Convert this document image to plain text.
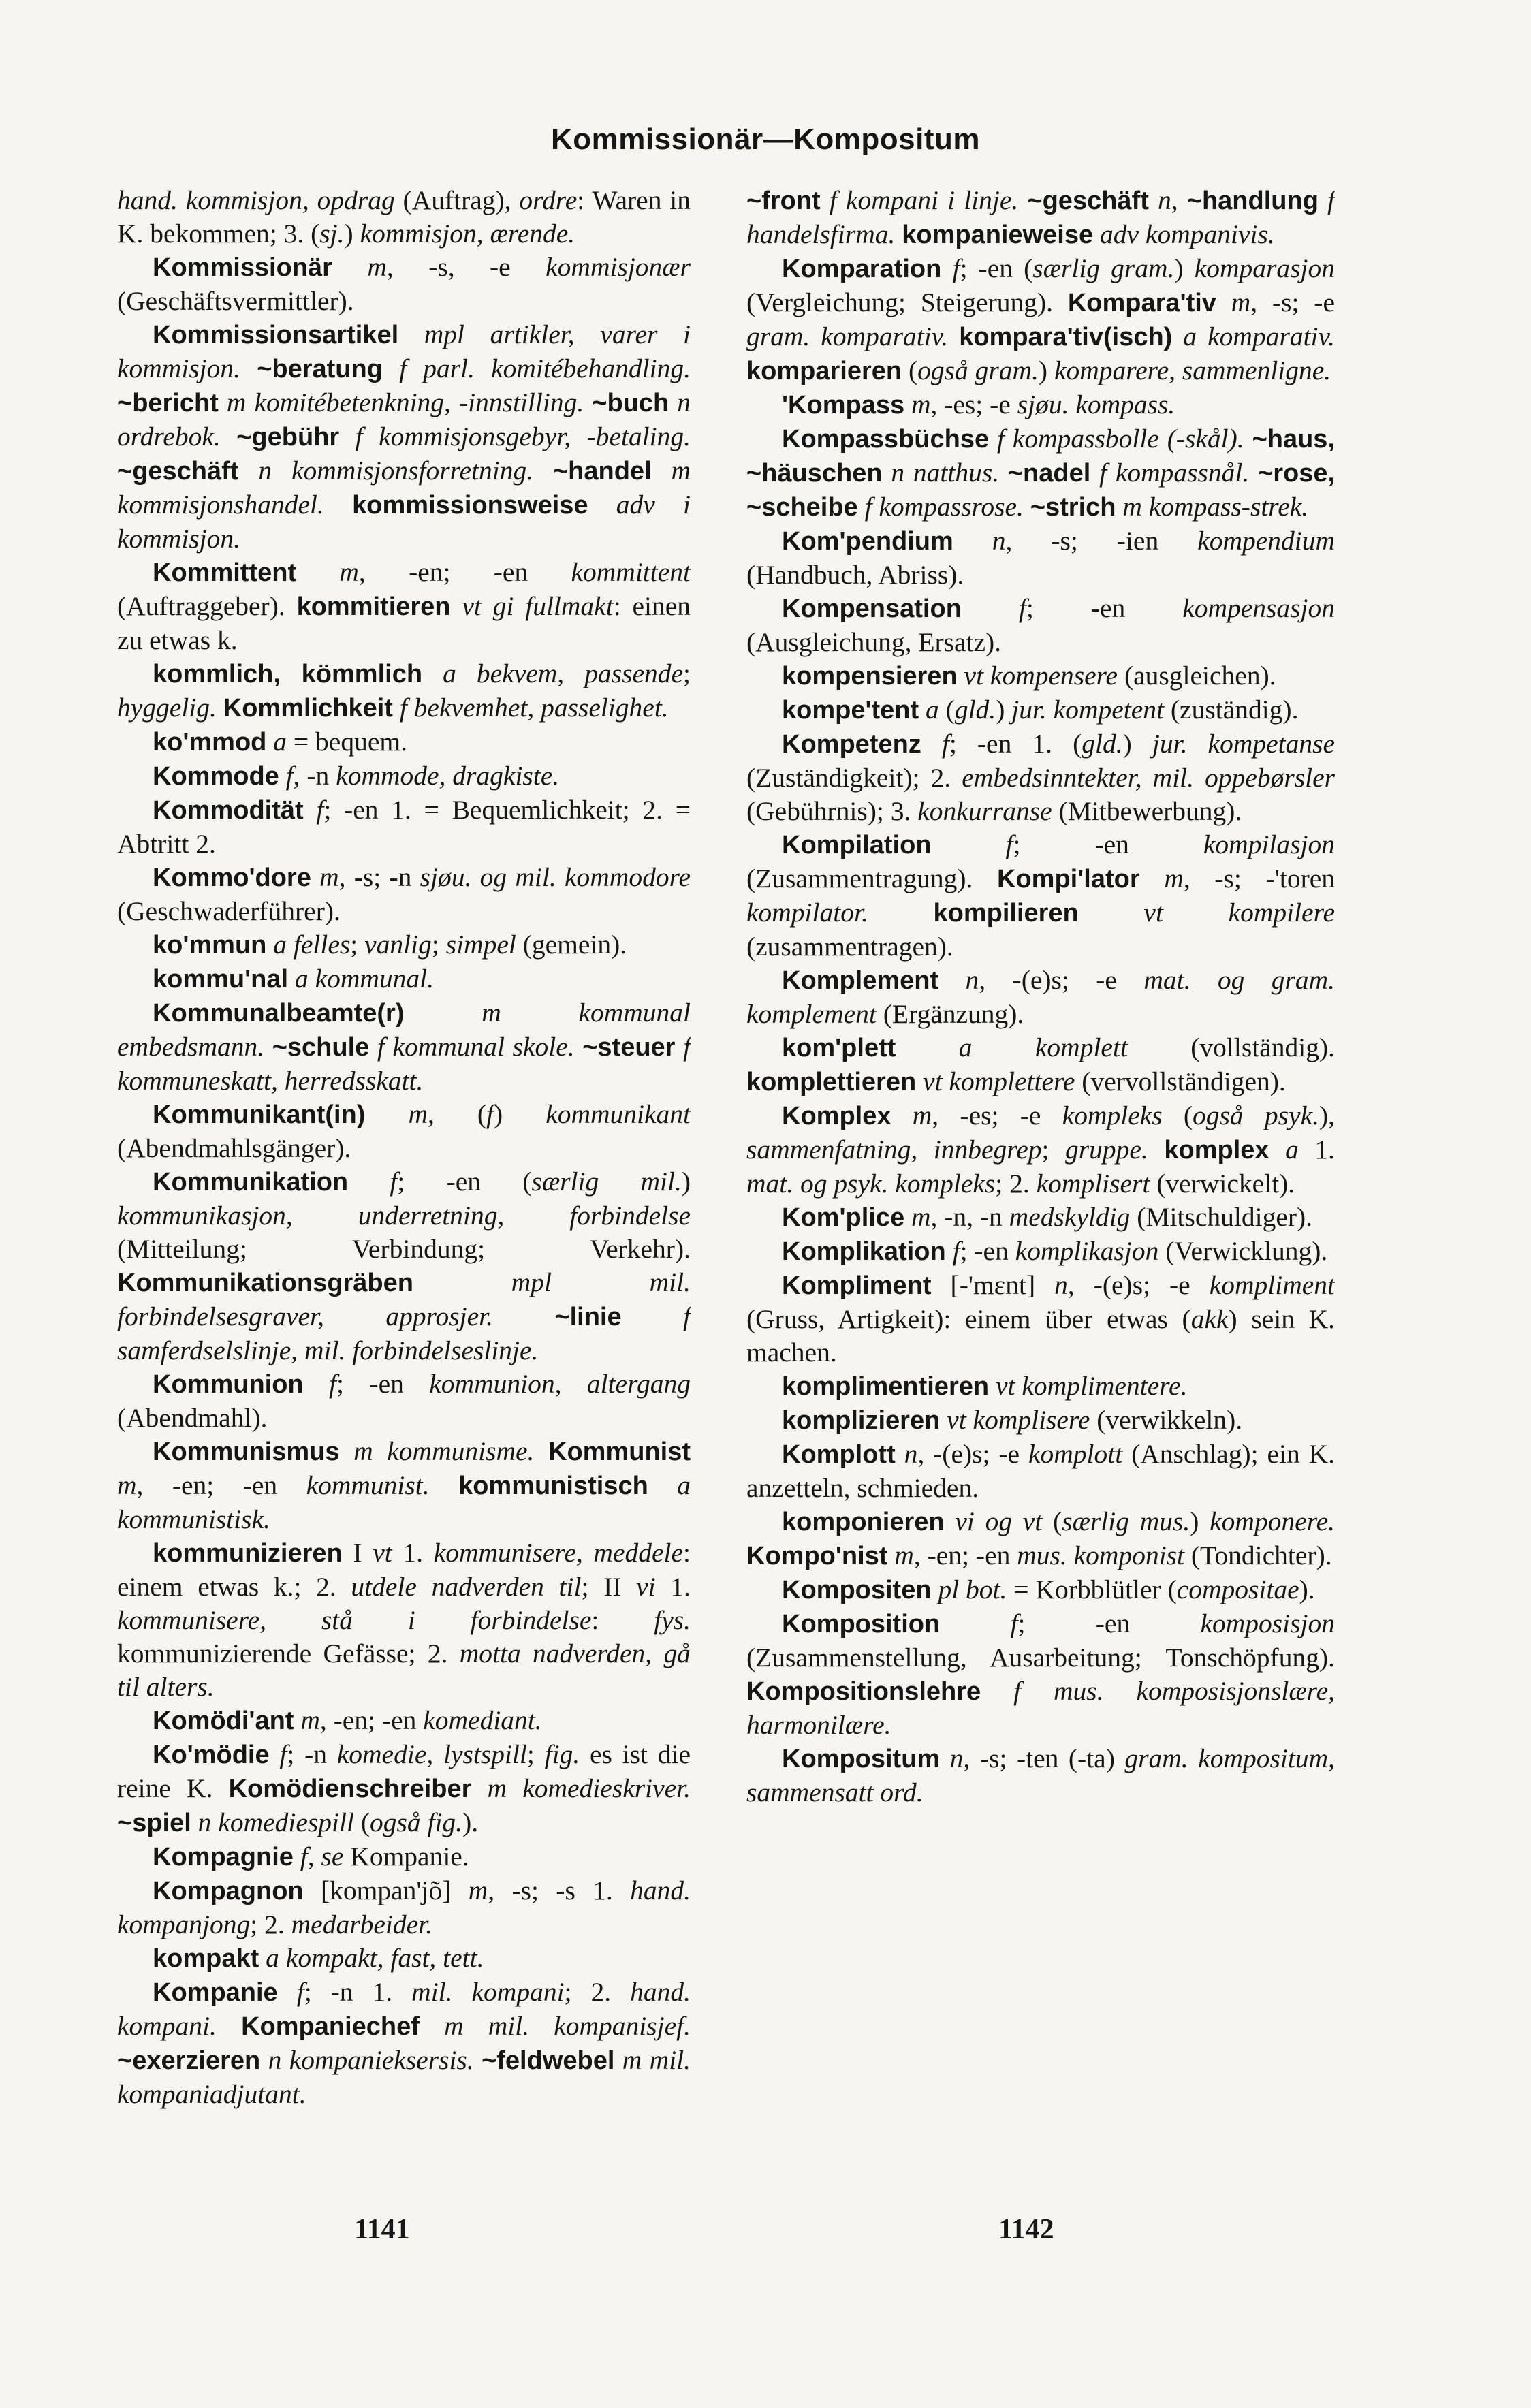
Kommissionär—Kompositum

hand. kommisjon, opdrag (Auftrag), ordre: Waren in K. bekommen; 3. (sj.) kommisjon, ærende.

Kommissionär m, -s, -e kommisjonær (Geschäftsvermittler).

Kommissionsartikel mpl artikler, varer i kommisjon. ~beratung f parl. komitébehandling. ~bericht m komitébetenkning, -innstilling. ~buch n ordrebok. ~gebühr f kommisjonsgebyr, -betaling. ~geschäft n kommisjonsforretning. ~handel m kommisjonshandel. kommissionsweise adv i kommisjon.

Kommittent m, -en; -en kommittent (Auftraggeber). kommitieren vt gi fullmakt: einen zu etwas k.

kommlich, kömmlich a bekvem, passende; hyggelig. Kommlichkeit f bekvemhet, passelighet.

ko'mmod a = bequem.

Kommode f, -n kommode, dragkiste.

Kommodität f; -en 1. = Bequemlichkeit; 2. = Abtritt 2.

Kommo'dore m, -s; -n sjøu. og mil. kommodore (Geschwaderführer).

ko'mmun a felles; vanlig; simpel (gemein).

kommu'nal a kommunal.

Kommunalbeamte(r)	m kommunal embedsmann. ~schule f kommunal skole. ~steuer f kommuneskatt, herredsskatt.

Kommunikant(in) m, (f) kommunikant (Abendmahlsgänger).

Kommunikation f; -en (særlig mil.) kommunikasjon, underretning, forbindelse (Mitteilung; Verbindung; Verkehr). Kommunikationsgräben	mpl mil. forbindelsesgraver, approsjer. ~linie f samferdselslinje, mil. forbindelseslinje.

Kommunion f; -en kommunion, altergang (Abendmahl).

Kommunismus m kommunisme. Kommunist m, -en; -en kommunist. kommunistisch a kommunistisk.

kommunizieren I vt 1. kommunisere, meddele: einem etwas k.; 2. utdele nadverden til; II vi 1. kommunisere, stå i forbindelse: fys. kommunizierende Gefässe; 2. motta nadverden, gå til alters.

Komödi'ant m, -en; -en komediant.

Ko'mödie f; -n komedie, lystspill; fig. es ist die reine K. Komödienschreiber m komedieskriver. ~spiel n komediespill (også fig.).

Kompagnie f, se Kompanie.

Kompagnon [kompan'jõ] m, -s; -s 1. hand. kompanjong; 2. medarbeider.

kompakt a kompakt, fast, tett.

Kompanie f; -n 1. mil. kompani; 2. hand. kompani. Kompaniechef m mil. kompanisjef. ~exerzieren n kompanieksersis. ~feldwebel m mil. kompaniadjutant.

~front f kompani i linje. ~geschäft n, ~handlung f handelsfirma. kompanieweise adv kompanivis.

Komparation f; -en (særlig gram.) komparasjon (Vergleichung; Steigerung). Kompara'tiv m, -s; -e gram. komparativ. kompara'tiv(isch) a komparativ. komparieren (også gram.) komparere, sammenligne.

'Kompass m, -es; -e sjøu. kompass.

Kompassbüchse f kompassbolle (-skål). ~haus, ~häuschen n natthus. ~nadel f kompassnål. ~rose, ~scheibe f kompassrose. ~strich m kompass-strek.

Kom'pendium n, -s; -ien kompendium (Handbuch, Abriss).

Kompensation f; -en kompensasjon (Ausgleichung, Ersatz).

kompensieren vt kompensere (ausgleichen).

kompe'tent a (gld.) jur. kompetent (zuständig).

Kompetenz f; -en 1. (gld.) jur. kompetanse (Zuständigkeit); 2. embedsinntekter, mil. oppebørsler (Gebührnis); 3. konkurranse (Mitbewerbung).

Kompilation	f; -en kompilasjon (Zusammentragung). Kompi'lator m, -s; -'toren kompilator.	kompilieren vt kompilere (zusammentragen).

Komplement n, -(e)s; -e mat. og gram. komplement (Ergänzung).

kom'plett a komplett (vollständig). komplettieren vt komplettere (vervollständigen).

Komplex m, -es; -e kompleks (også psyk.), sammenfatning, innbegrep; gruppe. komplex a 1. mat. og psyk. kompleks; 2. komplisert (verwickelt).

Kom'plice m, -n, -n medskyldig (Mitschuldiger).

Komplikation f; -en komplikasjon (Verwicklung).

Kompliment [-'mɛnt] n, -(e)s; -e kompliment (Gruss, Artigkeit): einem über etwas (akk) sein K. machen.

komplimentieren vt komplimentere.

komplizieren vt komplisere (verwikkeln).

Komplott n, -(e)s; -e komplott (Anschlag); ein K. anzetteln, schmieden.

komponieren vi og vt (særlig mus.) komponere. Kompo'nist m, -en; -en mus. komponist (Tondichter).

Kompositen pl bot. = Korbblütler (compositae).

Komposition	f; -en komposisjon (Zusammenstellung, Ausarbeitung; Tonschöpfung). Kompositionslehre f mus. komposisjonslære, harmonilære.

Kompositum n, -s; -ten (-ta) gram. kompositum, sammensatt ord.

1141	1142
